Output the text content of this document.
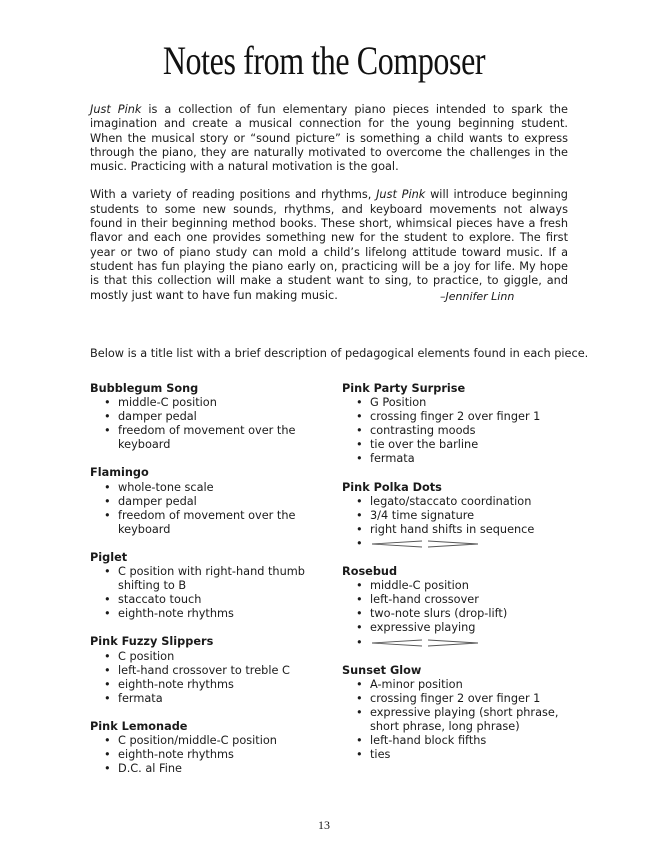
Notes from the Composer

Just Pink is a collection of fun elementary piano pieces intended to spark the imagination and create a musical connection for the young beginning student. When the musical story or “sound picture” is something a child wants to express through the piano, they are naturally motivated to overcome the challenges in the music. Practicing with a natural motivation is the goal.

With a variety of reading positions and rhythms, Just Pink will introduce beginning students to some new sounds, rhythms, and keyboard movements not always found in their beginning method books. These short, whimsical pieces have a fresh flavor and each one provides something new for the student to explore. The first year or two of piano study can mold a child’s lifelong attitude toward music. If a student has fun playing the piano early on, practicing will be a joy for life. My hope is that this collection will make a student want to sing, to practice, to giggle, and mostly just want to have fun making music.	–Jennifer Linn
Below is a title list with a brief description of pedagogical elements found in each piece.
Bubblegum Song
• middle-C position
• damper pedal
• freedom of movement over the keyboard
Flamingo
• whole-tone scale
• damper pedal
• freedom of movement over the keyboard
Piglet
• C position with right-hand thumb shifting to B
• staccato touch
• eighth-note rhythms
Pink Fuzzy Slippers
• C position
• left-hand crossover to treble C
• eighth-note rhythms
• fermata
Pink Lemonade
• C position/middle-C position
• eighth-note rhythms
• D.C. al Fine
Pink Party Surprise
• G Position
• crossing finger 2 over finger 1
• contrasting moods
• tie over the barline
• fermata
Pink Polka Dots
• legato/staccato coordination
• 3/4 time signature
• right hand shifts in sequence
•
Rosebud
• middle-C position
• left-hand crossover
• two-note slurs (drop-lift)
• expressive playing
•
Sunset Glow
• A-minor position
• crossing finger 2 over finger 1
• expressive playing (short phrase, short phrase, long phrase)
• left-hand block fifths
• ties
13
